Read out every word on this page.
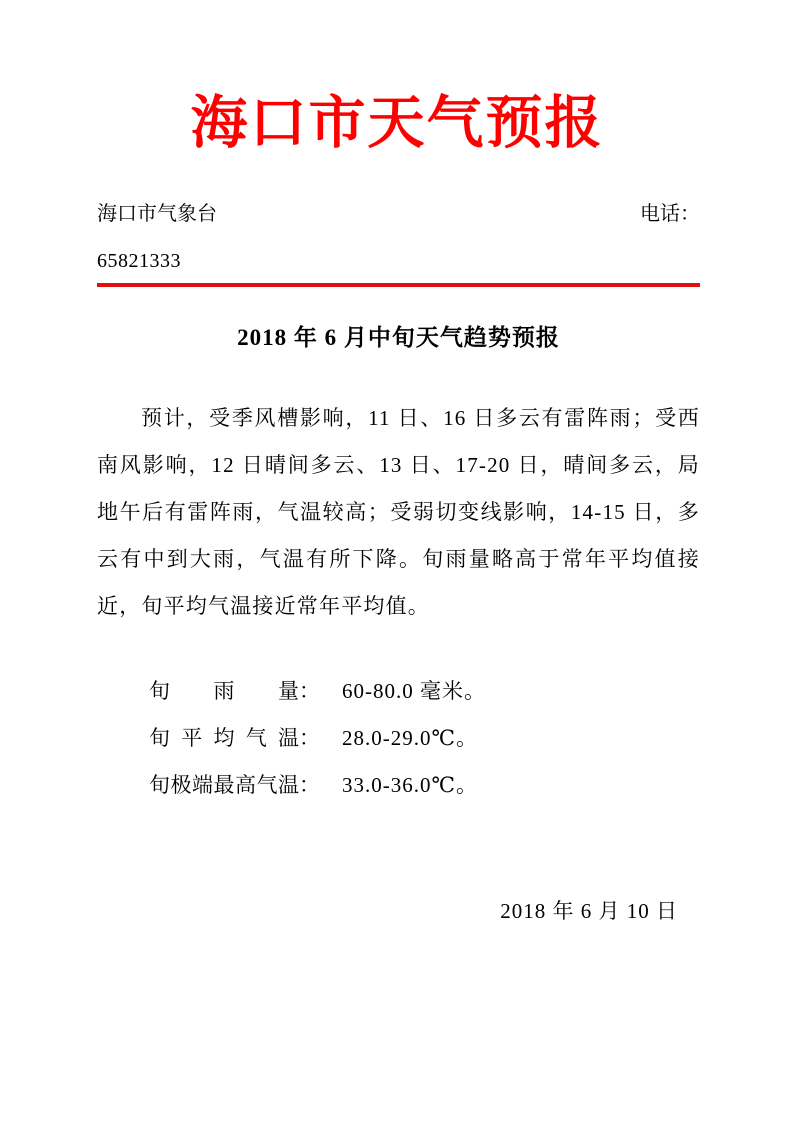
海口市天气预报
海口市气象台	电话：
65821333
2018 年 6 月中旬天气趋势预报

预计，受季风槽影响，11 日、16 日多云有雷阵雨；受西南风影响，12 日晴间多云、13 日、17-20 日，晴间多云，局地午后有雷阵雨，气温较高；受弱切变线影响，14-15 日，多云有中到大雨，气温有所下降。旬雨量略高于常年平均值接近，旬平均气温接近常年平均值。

旬雨量： 60-80.0 毫米。
旬平均气温： 28.0-29.0℃。
旬极端最高气温： 33.0-36.0℃。
2018 年 6 月 10 日
